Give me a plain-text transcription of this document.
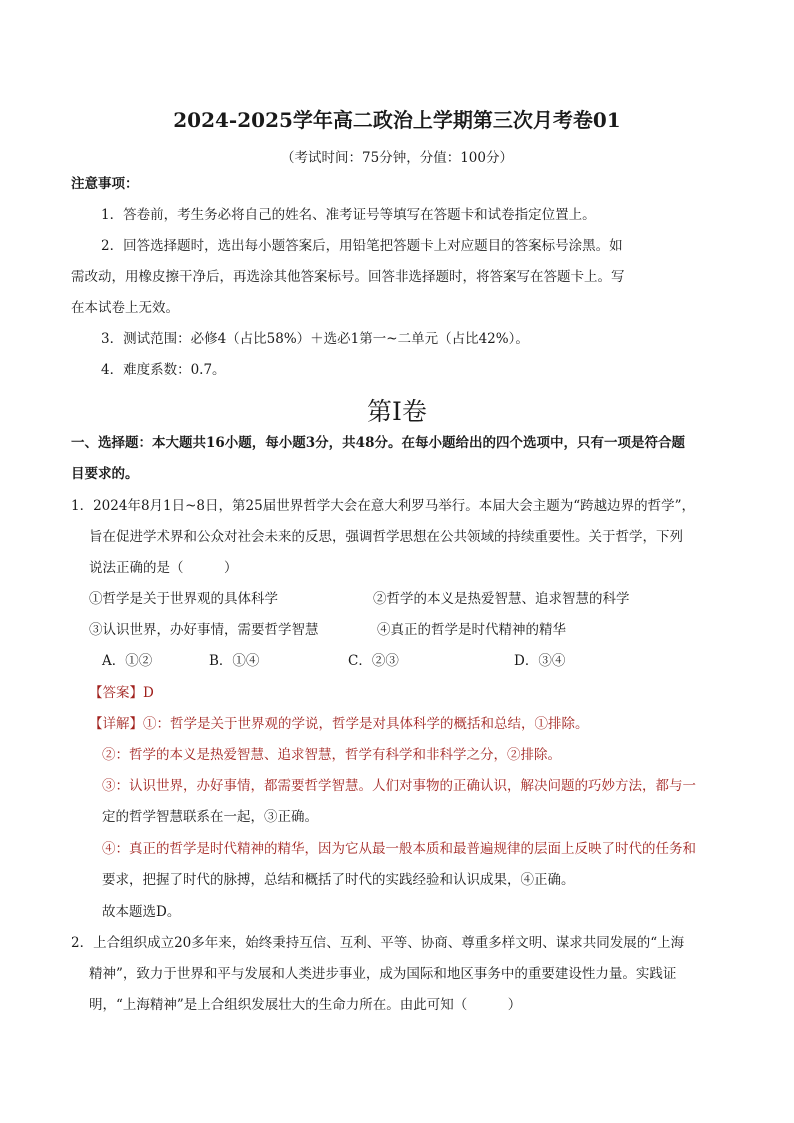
2024-2025学年高二政治上学期第三次月考卷01
（考试时间：75分钟，分值：100分）
注意事项：
1．答卷前，考生务必将自己的姓名、准考证号等填写在答题卡和试卷指定位置上。
2．回答选择题时，选出每小题答案后，用铅笔把答题卡上对应题目的答案标号涂黑。如
需改动，用橡皮擦干净后，再选涂其他答案标号。回答非选择题时，将答案写在答题卡上。写
在本试卷上无效。
3．测试范围：必修4（占比58%）＋选必1第一~二单元（占比42%）。
4．难度系数：0.7。
第Ⅰ卷
一、选择题：本大题共16小题，每小题3分，共48分。在每小题给出的四个选项中，只有一项是符合题
目要求的。
1．2024年8月1日~8日，第25届世界哲学大会在意大利罗马举行。本届大会主题为“跨越边界的哲学”，
旨在促进学术界和公众对社会未来的反思，强调哲学思想在公共领域的持续重要性。关于哲学，下列
说法正确的是（　　　）
①哲学是关于世界观的具体科学	②哲学的本义是热爱智慧、追求智慧的科学
③认识世界，办好事情，需要哲学智慧	④真正的哲学是时代精神的精华
A．①②	B．①④	C．②③	D．③④
【答案】D
【详解】①：哲学是关于世界观的学说，哲学是对具体科学的概括和总结，①排除。
②：哲学的本义是热爱智慧、追求智慧，哲学有科学和非科学之分，②排除。
③：认识世界，办好事情，都需要哲学智慧。人们对事物的正确认识，解决问题的巧妙方法，都与一
定的哲学智慧联系在一起，③正确。
④：真正的哲学是时代精神的精华，因为它从最一般本质和最普遍规律的层面上反映了时代的任务和
要求，把握了时代的脉搏，总结和概括了时代的实践经验和认识成果，④正确。
故本题选D。
2．上合组织成立20多年来，始终秉持互信、互利、平等、协商、尊重多样文明、谋求共同发展的“上海
精神”，致力于世界和平与发展和人类进步事业，成为国际和地区事务中的重要建设性力量。实践证
明，“上海精神”是上合组织发展壮大的生命力所在。由此可知（　　　）
